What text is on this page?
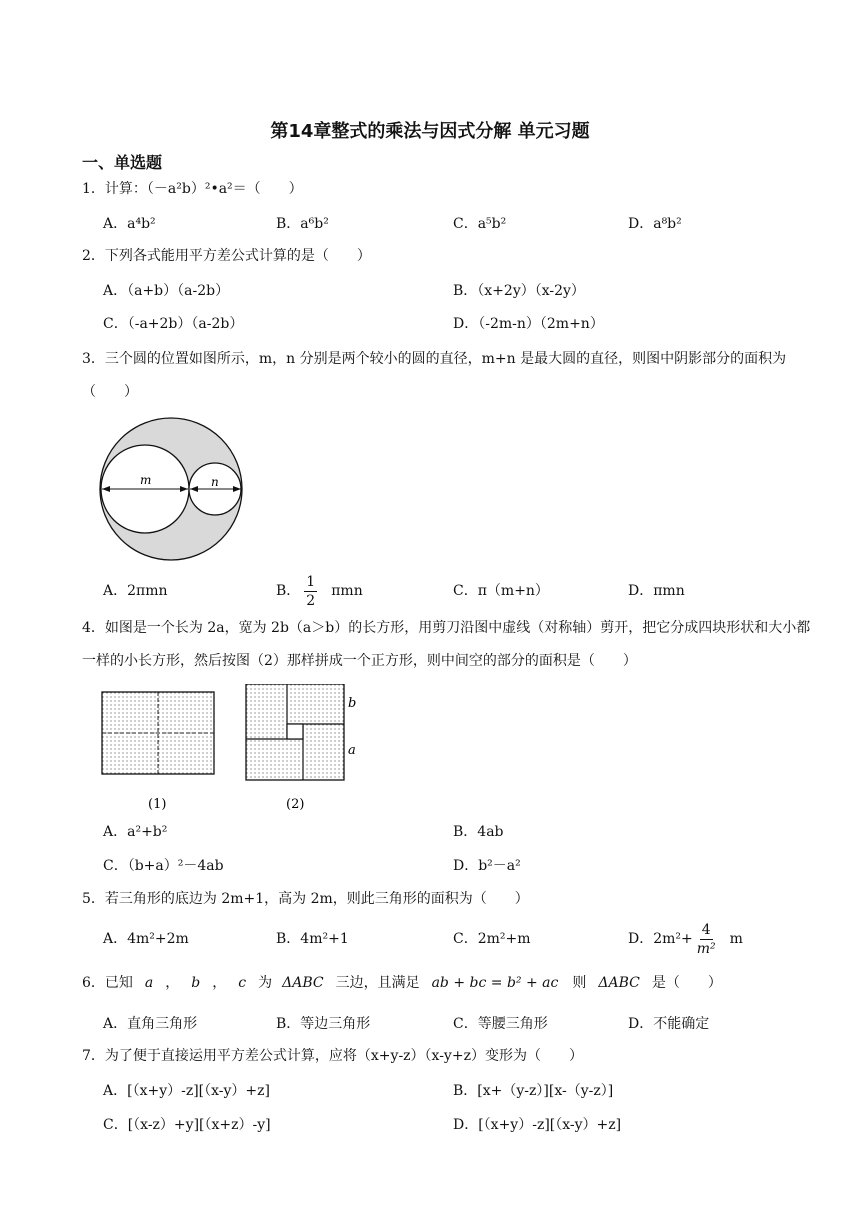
第14章整式的乘法与因式分解 单元习题
一、单选题
1．计算：（－a²b）²•a²＝（　　）
A．a⁴b²	B．a⁶b²	C．a⁵b²	D．a⁸b²
2．下列各式能用平方差公式计算的是（　　）
A．（a+b）（a-2b）	B．（x+2y）（x-2y）
C．（-a+2b）（a-2b）	D．（-2m-n）（2m+n）
3．三个圆的位置如图所示，m，n 分别是两个较小的圆的直径，m+n 是最大圆的直径，则图中阴影部分的面积为（　　）
m	n
A．2πmn	B． $\frac{1}{2}$ πmn	C．π（m+n）	D．πmn
4．如图是一个长为 2a，宽为 2b（a＞b）的长方形，用剪刀沿图中虚线（对称轴）剪开，把它分成四块形状和大小都一样的小长方形，然后按图（2）那样拼成一个正方形，则中间空的部分的面积是（　　）
(1)
b
a
(2)
A．a²+b²	B．4ab
C．（b+a）²－4ab	D．b²－a²
5．若三角形的底边为 2m+1，高为 2m，则此三角形的面积为（　　）
A．4m²+2m	B．4m²+1	C．2m²+m	D．$2m^2+ \frac{4}{\text{m²}}$ m
6．已知 a ， b ， c 为 ΔABC 三边，且满足 ab + bc = b² + ac 则 ΔABC 是（　　）
A．直角三角形	B．等边三角形	C．等腰三角形	D．不能确定
7．为了便于直接运用平方差公式计算，应将（x+y-z）（x-y+z）变形为（　　）
A．[（x+y）-z][（x-y）+z]	B．[x+（y-z）][x-（y-z）]
C．[（x-z）+y][（x+z）-y]	D．[（x+y）-z][（x-y）+z]
